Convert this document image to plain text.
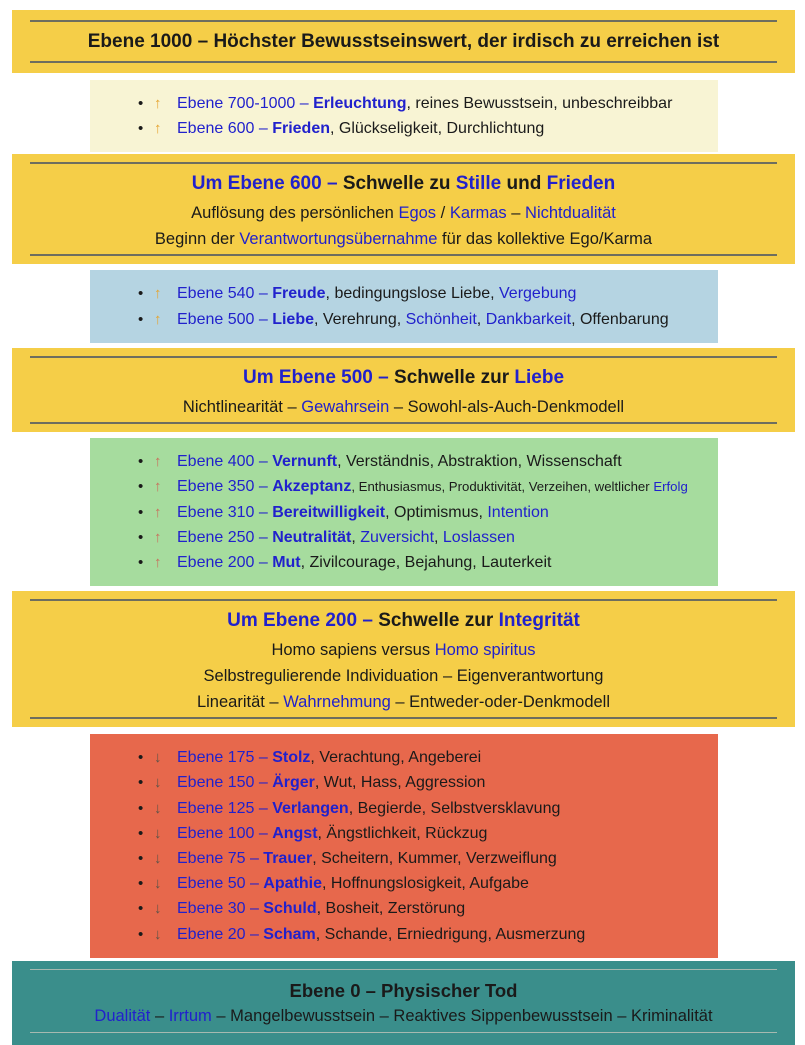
Ebene 1000 – Höchster Bewusstseinswert, der irdisch zu erreichen ist
• ↑ Ebene 700-1000 – Erleuchtung, reines Bewusstsein, unbeschreibbar
• ↑ Ebene 600 – Frieden, Glückseligkeit, Durchlichtung
Um Ebene 600 – Schwelle zu Stille und Frieden
Auflösung des persönlichen Egos / Karmas – Nichtdualität
Beginn der Verantwortungsübernahme für das kollektive Ego/Karma
• ↑ Ebene 540 – Freude, bedingungslose Liebe, Vergebung
• ↑ Ebene 500 – Liebe, Verehrung, Schönheit, Dankbarkeit, Offenbarung
Um Ebene 500 – Schwelle zur Liebe
Nichtlinearität – Gewahrsein – Sowohl-als-Auch-Denkmodell
• ↑ Ebene 400 – Vernunft, Verständnis, Abstraktion, Wissenschaft
• ↑ Ebene 350 – Akzeptanz, Enthusiasmus, Produktivität, Verzeihen, weltlicher Erfolg
• ↑ Ebene 310 – Bereitwilligkeit, Optimismus, Intention
• ↑ Ebene 250 – Neutralität, Zuversicht, Loslassen
• ↑ Ebene 200 – Mut, Zivilcourage, Bejahung, Lauterkeit
Um Ebene 200 – Schwelle zur Integrität
Homo sapiens versus Homo spiritus
Selbstregulierende Individuation – Eigenverantwortung
Linearität – Wahrnehmung – Entweder-oder-Denkmodell
• ↓ Ebene 175 – Stolz, Verachtung, Angeberei
• ↓ Ebene 150 – Ärger, Wut, Hass, Aggression
• ↓ Ebene 125 – Verlangen, Begierde, Selbstversklavung
• ↓ Ebene 100 – Angst, Ängstlichkeit, Rückzug
• ↓ Ebene 75 – Trauer, Scheitern, Kummer, Verzweiflung
• ↓ Ebene 50 – Apathie, Hoffnungslosigkeit, Aufgabe
• ↓ Ebene 30 – Schuld, Bosheit, Zerstörung
• ↓ Ebene 20 – Scham, Schande, Erniedrigung, Ausmerzung
Ebene 0 – Physischer Tod
Dualität – Irrtum – Mangelbewusstsein – Reaktives Sippenbewusstsein – Kriminalität
